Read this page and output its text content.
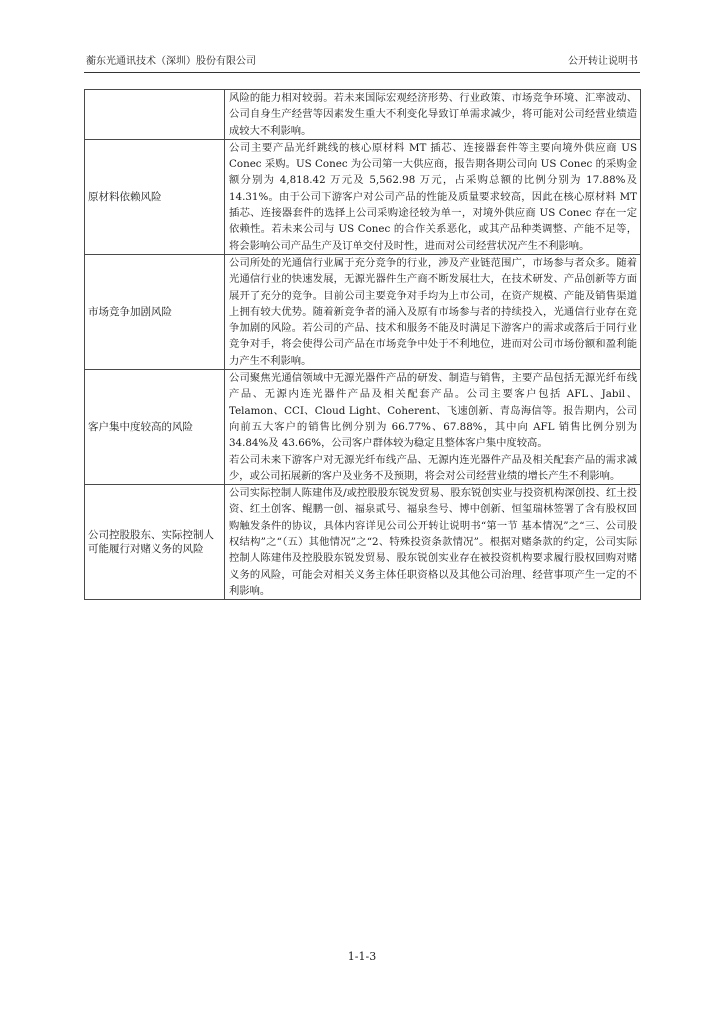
蘅东光通讯技术（深圳）股份有限公司	公开转让说明书

	风险的能力相对较弱。若未来国际宏观经济形势、行业政策、市场竞争环境、汇率波动、公司自身生产经营等因素发生重大不利变化导致订单需求减少，将可能对公司经营业绩造成较大不利影响。

原材料依赖风险	公司主要产品光纤跳线的核心原材料 MT 插芯、连接器套件等主要向境外供应商 US Conec 采购。US Conec 为公司第一大供应商，报告期各期公司向 US Conec 的采购金额分别为 4,818.42 万元及 5,562.98 万元，占采购总额的比例分别为 17.88%及 14.31%。由于公司下游客户对公司产品的性能及质量要求较高，因此在核心原材料 MT 插芯、连接器套件的选择上公司采购途径较为单一，对境外供应商 US Conec 存在一定依赖性。若未来公司与 US Conec 的合作关系恶化，或其产品种类调整、产能不足等，将会影响公司产品生产及订单交付及时性，进而对公司经营状况产生不利影响。

市场竞争加剧风险	公司所处的光通信行业属于充分竞争的行业，涉及产业链范围广，市场参与者众多。随着光通信行业的快速发展，无源光器件生产商不断发展壮大，在技术研发、产品创新等方面展开了充分的竞争。目前公司主要竞争对手均为上市公司，在资产规模、产能及销售渠道上拥有较大优势。随着新竞争者的涌入及原有市场参与者的持续投入，光通信行业存在竞争加剧的风险。若公司的产品、技术和服务不能及时满足下游客户的需求或落后于同行业竞争对手，将会使得公司产品在市场竞争中处于不利地位，进而对公司市场份额和盈利能力产生不利影响。

客户集中度较高的风险	公司聚焦光通信领域中无源光器件产品的研发、制造与销售，主要产品包括无源光纤布线产品、无源内连光器件产品及相关配套产品。公司主要客户包括 AFL、Jabil、Telamon、CCI、Cloud Light、Coherent、飞速创新、青岛海信等。报告期内，公司向前五大客户的销售比例分别为 66.77%、67.88%，其中向 AFL 销售比例分别为 34.84%及 43.66%，公司客户群体较为稳定且整体客户集中度较高。

若公司未来下游客户对无源光纤布线产品、无源内连光器件产品及相关配套产品的需求减少，或公司拓展新的客户及业务不及预期，将会对公司经营业绩的增长产生不利影响。

公司控股股东、实际控制人可能履行对赌义务的风险	公司实际控制人陈建伟及/或控股股东锐发贸易、股东锐创实业与投资机构深创投、红土投资、红土创客、鲲鹏一创、福泉贰号、福泉叁号、博中创新、恒玺瑞林签署了含有股权回购触发条件的协议，具体内容详见公司公开转让说明书“第一节 基本情况”之“三、公司股权结构”之“（五）其他情况”之“2、特殊投资条款情况”。根据对赌条款的约定，公司实际控制人陈建伟及控股股东锐发贸易、股东锐创实业存在被投资机构要求履行股权回购对赌义务的风险，可能会对相关义务主体任职资格以及其他公司治理、经营事项产生一定的不利影响。

1-1-3
